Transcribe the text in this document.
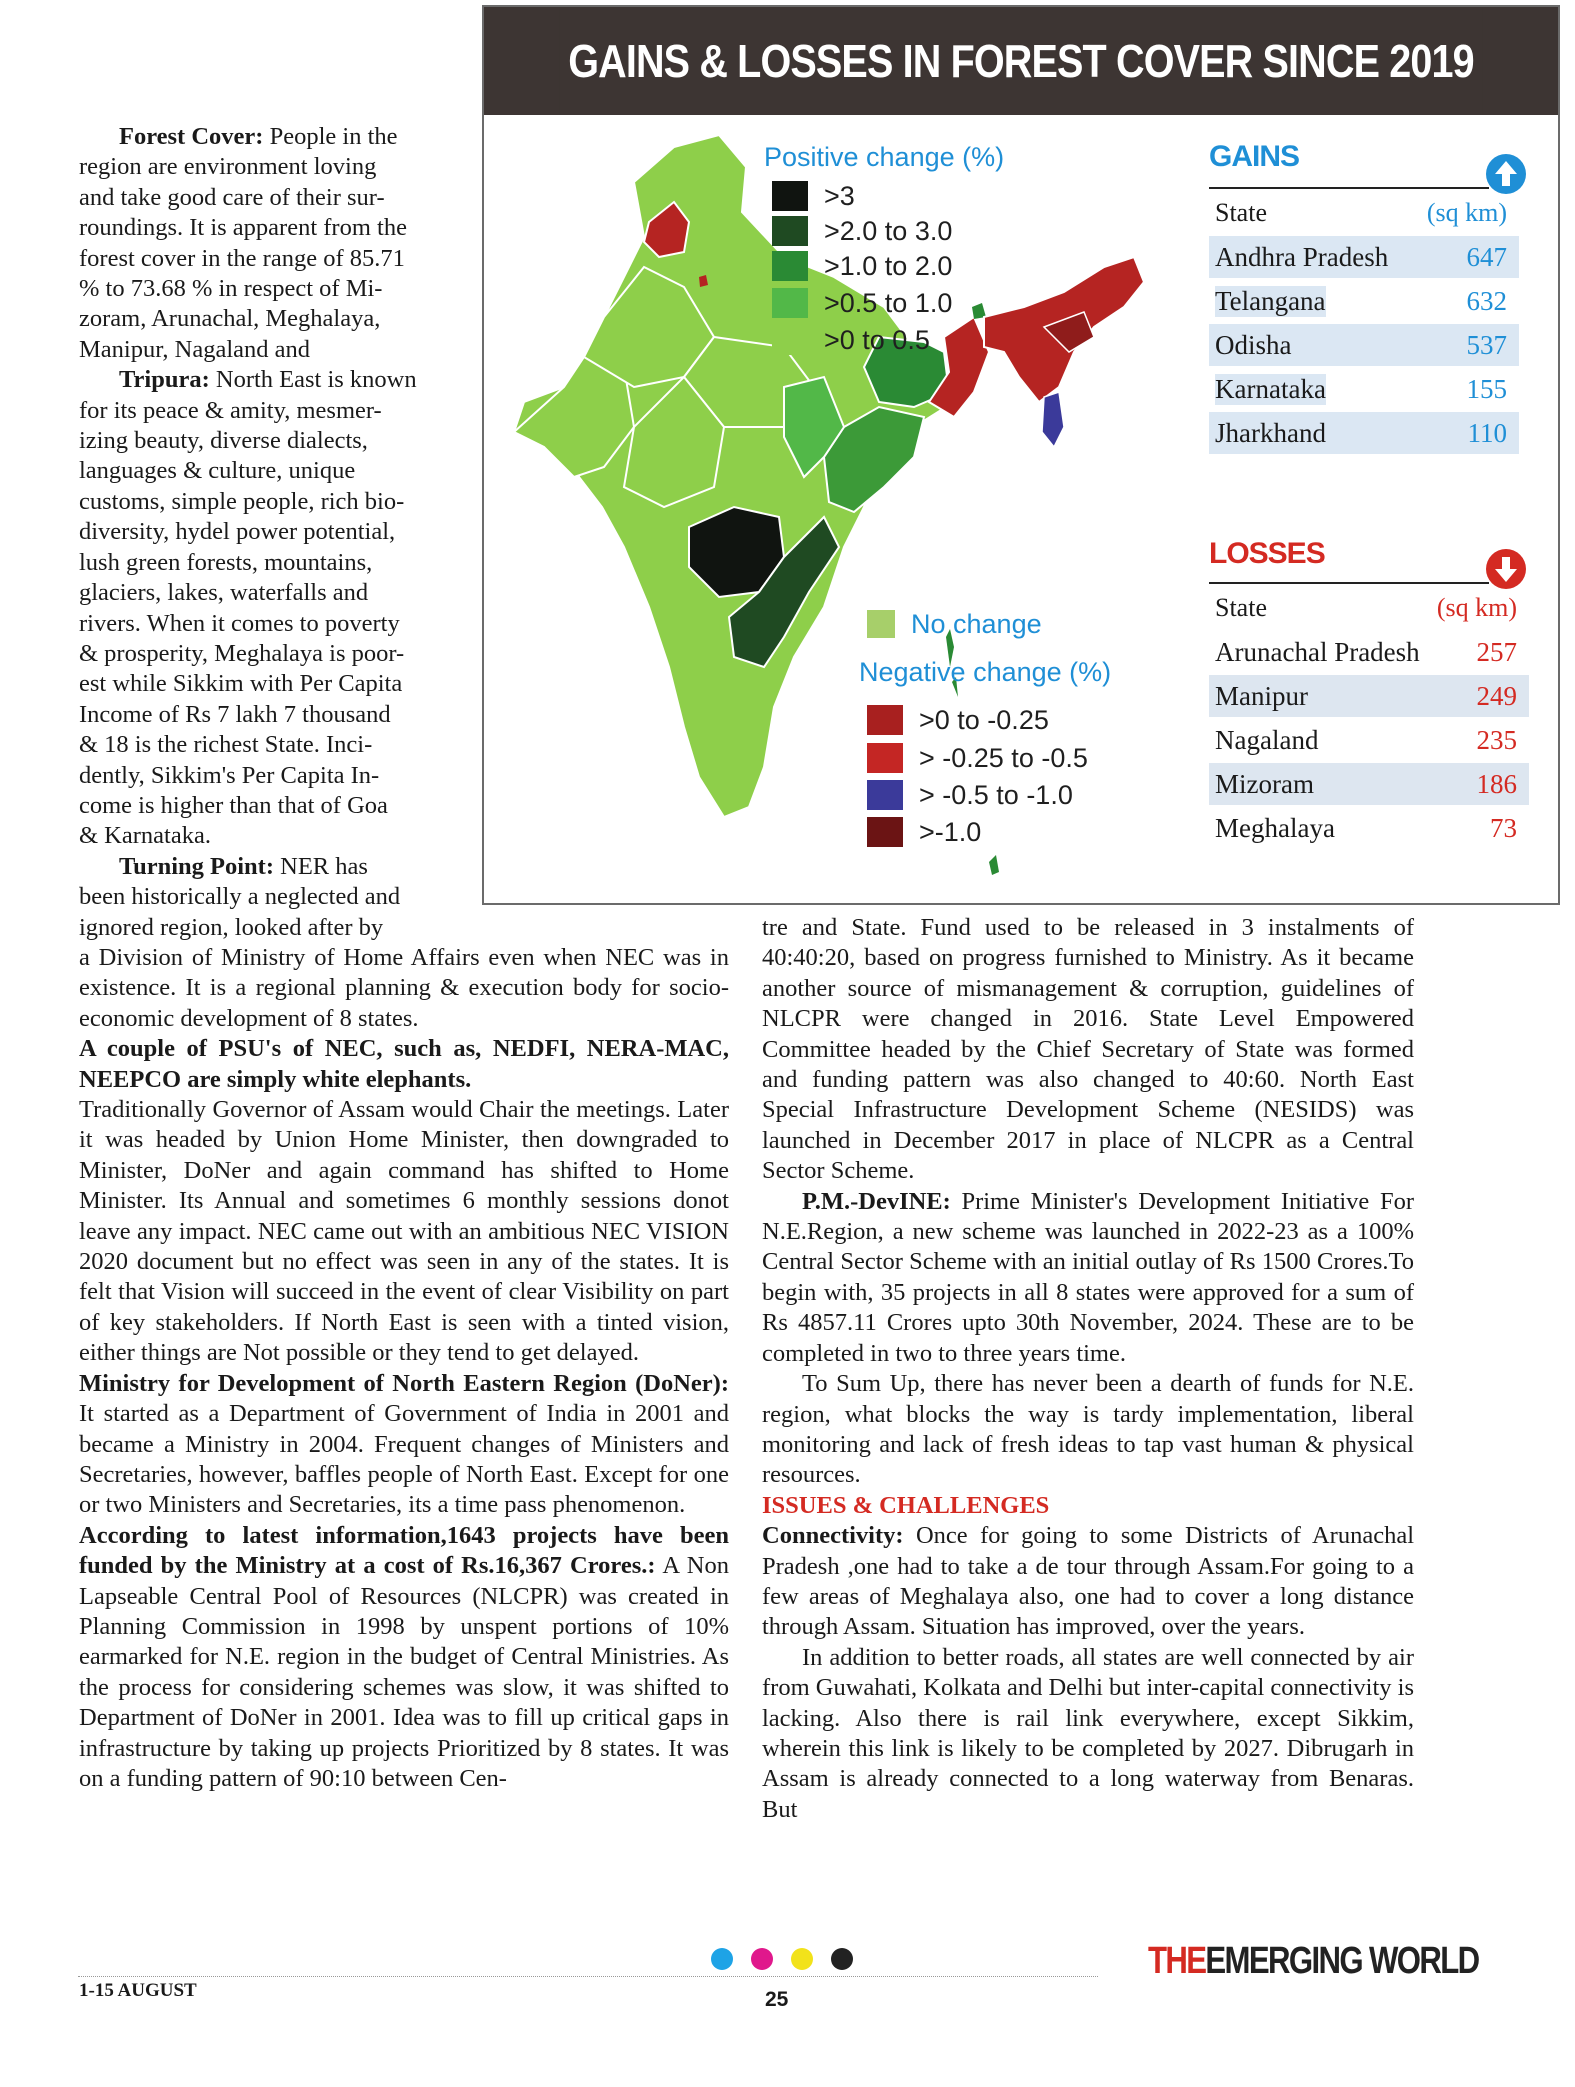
GAINS & LOSSES IN FOREST COVER SINCE 2019
Positive change (%)
>3
>2.0 to 3.0
>1.0 to 2.0
>0.5 to 1.0
>0 to 0.5
No change
Negative change (%)
>0 to -0.25
> -0.25 to -0.5
> -0.5 to -1.0
>-1.0
GAINS
State	(sq km)
Andhra Pradesh	647
Telangana	632
Odisha	537
Karnataka	155
Jharkhand	110
LOSSES
State	(sq km)
Arunachal Pradesh 257
Manipur	249
Nagaland	235
Mizoram	186
Meghalaya	73

Forest Cover: People in the

region are environment loving

and take good care of their sur-

roundings. It is apparent from the

forest cover in the range of 85.71

% to 73.68 % in respect of Mi-

zoram, Arunachal, Meghalaya,

Manipur, Nagaland and

Tripura: North East is known

for its peace & amity, mesmer-

izing beauty, diverse dialects,

languages & culture, unique

customs, simple people, rich bio-

diversity, hydel power potential,

lush green forests, mountains,

glaciers, lakes, waterfalls and

rivers. When it comes to poverty

& prosperity, Meghalaya is poor-

est while Sikkim with Per Capita

Income of Rs 7 lakh 7 thousand

& 18 is the richest State. Inci-

dently, Sikkim's Per Capita In-

come is higher than that of Goa

& Karnataka.

Turning Point: NER has

been historically a neglected and

ignored region, looked after by

a Division of Ministry of Home Affairs even when NEC was in existence. It is a regional planning & execution body for socio-economic development of 8 states.

A couple of PSU's of NEC, such as, NEDFI, NERA-MAC, NEEPCO are simply white elephants.

Traditionally Governor of Assam would Chair the meetings. Later it was headed by Union Home Minister, then downgraded to Minister, DoNer and again command has shifted to Home Minister. Its Annual and sometimes 6 monthly sessions donot leave any impact. NEC came out with an ambitious NEC VISION 2020 document but no effect was seen in any of the states. It is felt that Vision will succeed in the event of clear Visibility on part of key stakeholders. If North East is seen with a tinted vision, either things are Not possible or they tend to get delayed.

Ministry for Development of North Eastern Region (DoNer): It started as a Department of Government of India in 2001 and became a Ministry in 2004. Frequent changes of Ministers and Secretaries, however, baffles people of North East. Except for one or two Ministers and Secretaries, its a time pass phenomenon.

According to latest information,1643 projects have been funded by the Ministry at a cost of Rs.16,367 Crores.: A Non Lapseable Central Pool of Resources (NLCPR) was created in Planning Commission in 1998 by unspent portions of 10% earmarked for N.E. region in the budget of Central Ministries. As the process for considering schemes was slow, it was shifted to Department of DoNer in 2001. Idea was to fill up critical gaps in infrastructure by taking up projects Prioritized by 8 states. It was on a funding pattern of 90:10 between Cen-

tre and State. Fund used to be released in 3 instalments of 40:40:20, based on progress furnished to Ministry. As it became another source of mismanagement & corruption, guidelines of NLCPR were changed in 2016. State Level Empowered Committee headed by the Chief Secretary of State was formed and funding pattern was also changed to 40:60. North East Special Infrastructure Development Scheme (NESIDS) was launched in December 2017 in place of NLCPR as a Central Sector Scheme.

P.M.-DevINE: Prime Minister's Development Initiative For N.E.Region, a new scheme was launched in 2022-23 as a 100% Central Sector Scheme with an initial outlay of Rs 1500 Crores.To begin with, 35 projects in all 8 states were approved for a sum of Rs 4857.11 Crores upto 30th November, 2024. These are to be completed in two to three years time.

To Sum Up, there has never been a dearth of funds for N.E. region, what blocks the way is tardy implementation, liberal monitoring and lack of fresh ideas to tap vast human & physical resources.

ISSUES & CHALLENGES

Connectivity: Once for going to some Districts of Arunachal Pradesh ,one had to take a de tour through Assam.For going to a few areas of Meghalaya also, one had to cover a long distance through Assam. Situation has improved, over the years.

In addition to better roads, all states are well connected by air from Guwahati, Kolkata and Delhi but inter-capital connectivity is lacking. Also there is rail link everywhere, except Sikkim, wherein this link is likely to be completed by 2027. Dibrugarh in Assam is already connected to a long waterway from Benaras. But

1-15 AUGUST	25
THEEMERGING WORLD
